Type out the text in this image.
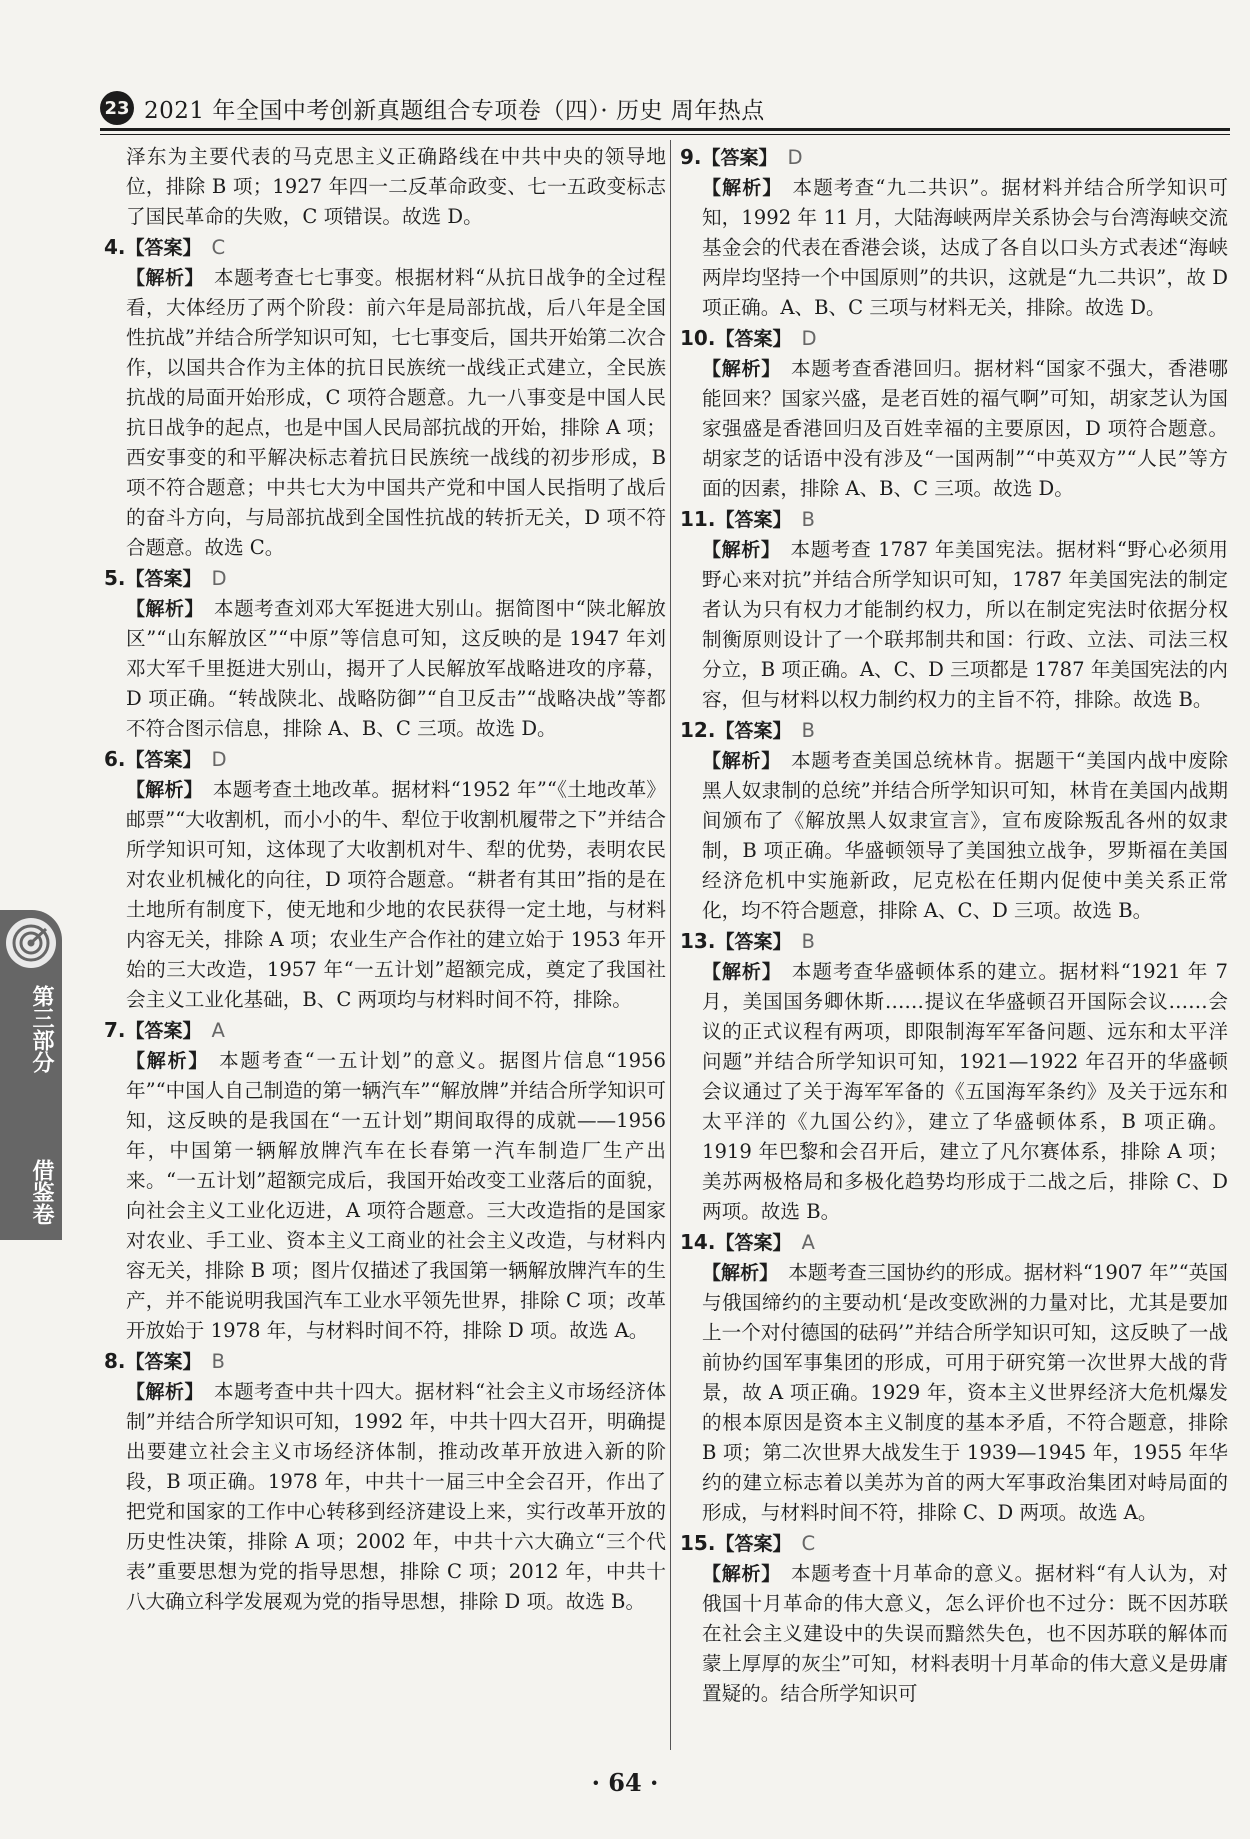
23 2021 年全国中考创新真题组合专项卷（四）· 历史 周年热点
第三部分
借鉴卷
泽东为主要代表的马克思主义正确路线在中共中央的领导地位，排除 B 项；1927 年四一二反革命政变、七一五政变标志了国民革命的失败，C 项错误。故选 D。
4.【答案】 C
【解析】 本题考查七七事变。根据材料“从抗日战争的全过程看，大体经历了两个阶段：前六年是局部抗战，后八年是全国性抗战”并结合所学知识可知，七七事变后，国共开始第二次合作，以国共合作为主体的抗日民族统一战线正式建立，全民族抗战的局面开始形成，C 项符合题意。九一八事变是中国人民抗日战争的起点，也是中国人民局部抗战的开始，排除 A 项；西安事变的和平解决标志着抗日民族统一战线的初步形成，B 项不符合题意；中共七大为中国共产党和中国人民指明了战后的奋斗方向，与局部抗战到全国性抗战的转折无关，D 项不符合题意。故选 C。
5.【答案】 D
【解析】 本题考查刘邓大军挺进大别山。据简图中“陕北解放区”“山东解放区”“中原”等信息可知，这反映的是 1947 年刘邓大军千里挺进大别山，揭开了人民解放军战略进攻的序幕，D 项正确。“转战陕北、战略防御”“自卫反击”“战略决战”等都不符合图示信息，排除 A、B、C 三项。故选 D。
6.【答案】 D
【解析】 本题考查土地改革。据材料“1952 年”“《土地改革》邮票”“大收割机，而小小的牛、犁位于收割机履带之下”并结合所学知识可知，这体现了大收割机对牛、犁的优势，表明农民对农业机械化的向往，D 项符合题意。“耕者有其田”指的是在土地所有制度下，使无地和少地的农民获得一定土地，与材料内容无关，排除 A 项；农业生产合作社的建立始于 1953 年开始的三大改造，1957 年“一五计划”超额完成，奠定了我国社会主义工业化基础，B、C 两项均与材料时间不符，排除。
7.【答案】 A
【解析】 本题考查“一五计划”的意义。据图片信息“1956 年”“中国人自己制造的第一辆汽车”“解放牌”并结合所学知识可知，这反映的是我国在“一五计划”期间取得的成就——1956 年，中国第一辆解放牌汽车在长春第一汽车制造厂生产出来。“一五计划”超额完成后，我国开始改变工业落后的面貌，向社会主义工业化迈进，A 项符合题意。三大改造指的是国家对农业、手工业、资本主义工商业的社会主义改造，与材料内容无关，排除 B 项；图片仅描述了我国第一辆解放牌汽车的生产，并不能说明我国汽车工业水平领先世界，排除 C 项；改革开放始于 1978 年，与材料时间不符，排除 D 项。故选 A。
8.【答案】 B
【解析】 本题考查中共十四大。据材料“社会主义市场经济体制”并结合所学知识可知，1992 年，中共十四大召开，明确提出要建立社会主义市场经济体制，推动改革开放进入新的阶段，B 项正确。1978 年，中共十一届三中全会召开，作出了把党和国家的工作中心转移到经济建设上来，实行改革开放的历史性决策，排除 A 项；2002 年，中共十六大确立“三个代表”重要思想为党的指导思想，排除 C 项；2012 年，中共十八大确立科学发展观为党的指导思想，排除 D 项。故选 B。
9.【答案】 D
【解析】 本题考查“九二共识”。据材料并结合所学知识可知，1992 年 11 月，大陆海峡两岸关系协会与台湾海峡交流基金会的代表在香港会谈，达成了各自以口头方式表述“海峡两岸均坚持一个中国原则”的共识，这就是“九二共识”，故 D 项正确。A、B、C 三项与材料无关，排除。故选 D。
10.【答案】 D
【解析】 本题考查香港回归。据材料“国家不强大，香港哪能回来？国家兴盛，是老百姓的福气啊”可知，胡家芝认为国家强盛是香港回归及百姓幸福的主要原因，D 项符合题意。胡家芝的话语中没有涉及“一国两制”“中英双方”“人民”等方面的因素，排除 A、B、C 三项。故选 D。
11.【答案】 B
【解析】 本题考查 1787 年美国宪法。据材料“野心必须用野心来对抗”并结合所学知识可知，1787 年美国宪法的制定者认为只有权力才能制约权力，所以在制定宪法时依据分权制衡原则设计了一个联邦制共和国：行政、立法、司法三权分立，B 项正确。A、C、D 三项都是 1787 年美国宪法的内容，但与材料以权力制约权力的主旨不符，排除。故选 B。
12.【答案】 B
【解析】 本题考查美国总统林肯。据题干“美国内战中废除黑人奴隶制的总统”并结合所学知识可知，林肯在美国内战期间颁布了《解放黑人奴隶宣言》，宣布废除叛乱各州的奴隶制，B 项正确。华盛顿领导了美国独立战争，罗斯福在美国经济危机中实施新政，尼克松在任期内促使中美关系正常化，均不符合题意，排除 A、C、D 三项。故选 B。
13.【答案】 B
【解析】 本题考查华盛顿体系的建立。据材料“1921 年 7 月，美国国务卿休斯……提议在华盛顿召开国际会议……会议的正式议程有两项，即限制海军军备问题、远东和太平洋问题”并结合所学知识可知，1921—1922 年召开的华盛顿会议通过了关于海军军备的《五国海军条约》及关于远东和太平洋的《九国公约》，建立了华盛顿体系，B 项正确。1919 年巴黎和会召开后，建立了凡尔赛体系，排除 A 项；美苏两极格局和多极化趋势均形成于二战之后，排除 C、D 两项。故选 B。
14.【答案】 A
【解析】 本题考查三国协约的形成。据材料“1907 年”“英国与俄国缔约的主要动机‘是改变欧洲的力量对比，尤其是要加上一个对付德国的砝码’”并结合所学知识可知，这反映了一战前协约国军事集团的形成，可用于研究第一次世界大战的背景，故 A 项正确。1929 年，资本主义世界经济大危机爆发的根本原因是资本主义制度的基本矛盾，不符合题意，排除 B 项；第二次世界大战发生于 1939—1945 年，1955 年华约的建立标志着以美苏为首的两大军事政治集团对峙局面的形成，与材料时间不符，排除 C、D 两项。故选 A。
15.【答案】 C
【解析】 本题考查十月革命的意义。据材料“有人认为，对俄国十月革命的伟大意义，怎么评价也不过分：既不因苏联在社会主义建设中的失误而黯然失色，也不因苏联的解体而蒙上厚厚的灰尘”可知，材料表明十月革命的伟大意义是毋庸置疑的。结合所学知识可
· 64 ·
